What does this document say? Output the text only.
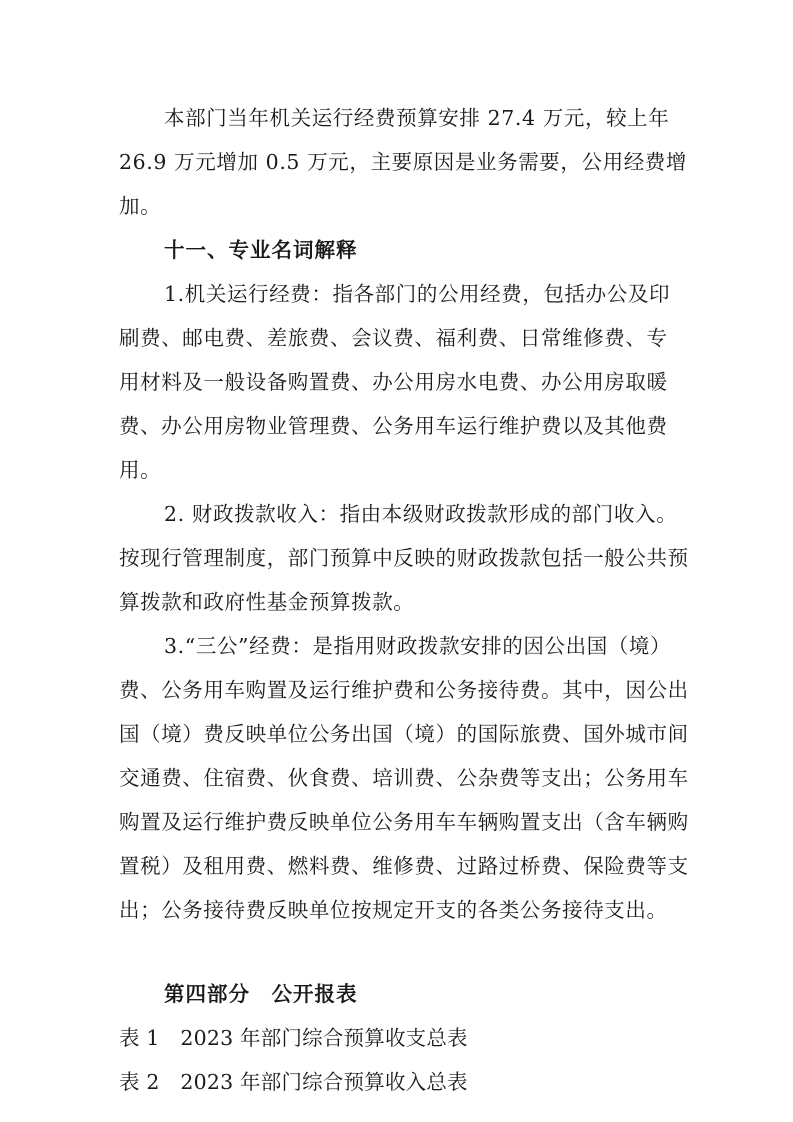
本部门当年机关运行经费预算安排 27.4 万元，较上年
26.9 万元增加 0.5 万元，主要原因是业务需要，公用经费增
加。
十一、专业名词解释
1.机关运行经费：指各部门的公用经费，包括办公及印
刷费、邮电费、差旅费、会议费、福利费、日常维修费、专
用材料及一般设备购置费、办公用房水电费、办公用房取暖
费、办公用房物业管理费、公务用车运行维护费以及其他费
用。
2. 财政拨款收入：指由本级财政拨款形成的部门收入。
按现行管理制度，部门预算中反映的财政拨款包括一般公共预
算拨款和政府性基金预算拨款。
3.“三公”经费：是指用财政拨款安排的因公出国（境）
费、公务用车购置及运行维护费和公务接待费。其中，因公出
国（境）费反映单位公务出国（境）的国际旅费、国外城市间
交通费、住宿费、伙食费、培训费、公杂费等支出；公务用车
购置及运行维护费反映单位公务用车车辆购置支出（含车辆购
置税）及租用费、燃料费、维修费、过路过桥费、保险费等支
出；公务接待费反映单位按规定开支的各类公务接待支出。
第四部分　公开报表
表 1　2023 年部门综合预算收支总表
表 2　2023 年部门综合预算收入总表
